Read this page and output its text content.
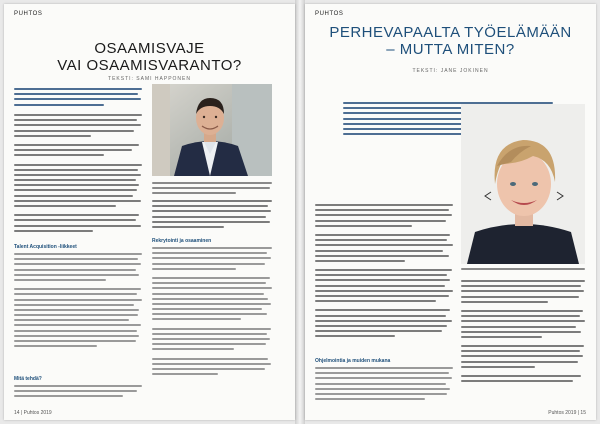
PUHTOS
OSAAMISVAJE
VAI OSAAMISVARANTO?
TEKSTI: SAMI HAPPONEN
Talent Acquisition -liikkeet
Mitä tehdä?
Rekrytointi ja osaaminen
14 | Puhtos 2019
PUHTOS
PERHEVAPAALTA TYÖELÄMÄÄN
– MUTTA MITEN?
TEKSTI: JANE JOKINEN
Ohjelmointia ja muiden mukana
Puhtos 2019 | 15
